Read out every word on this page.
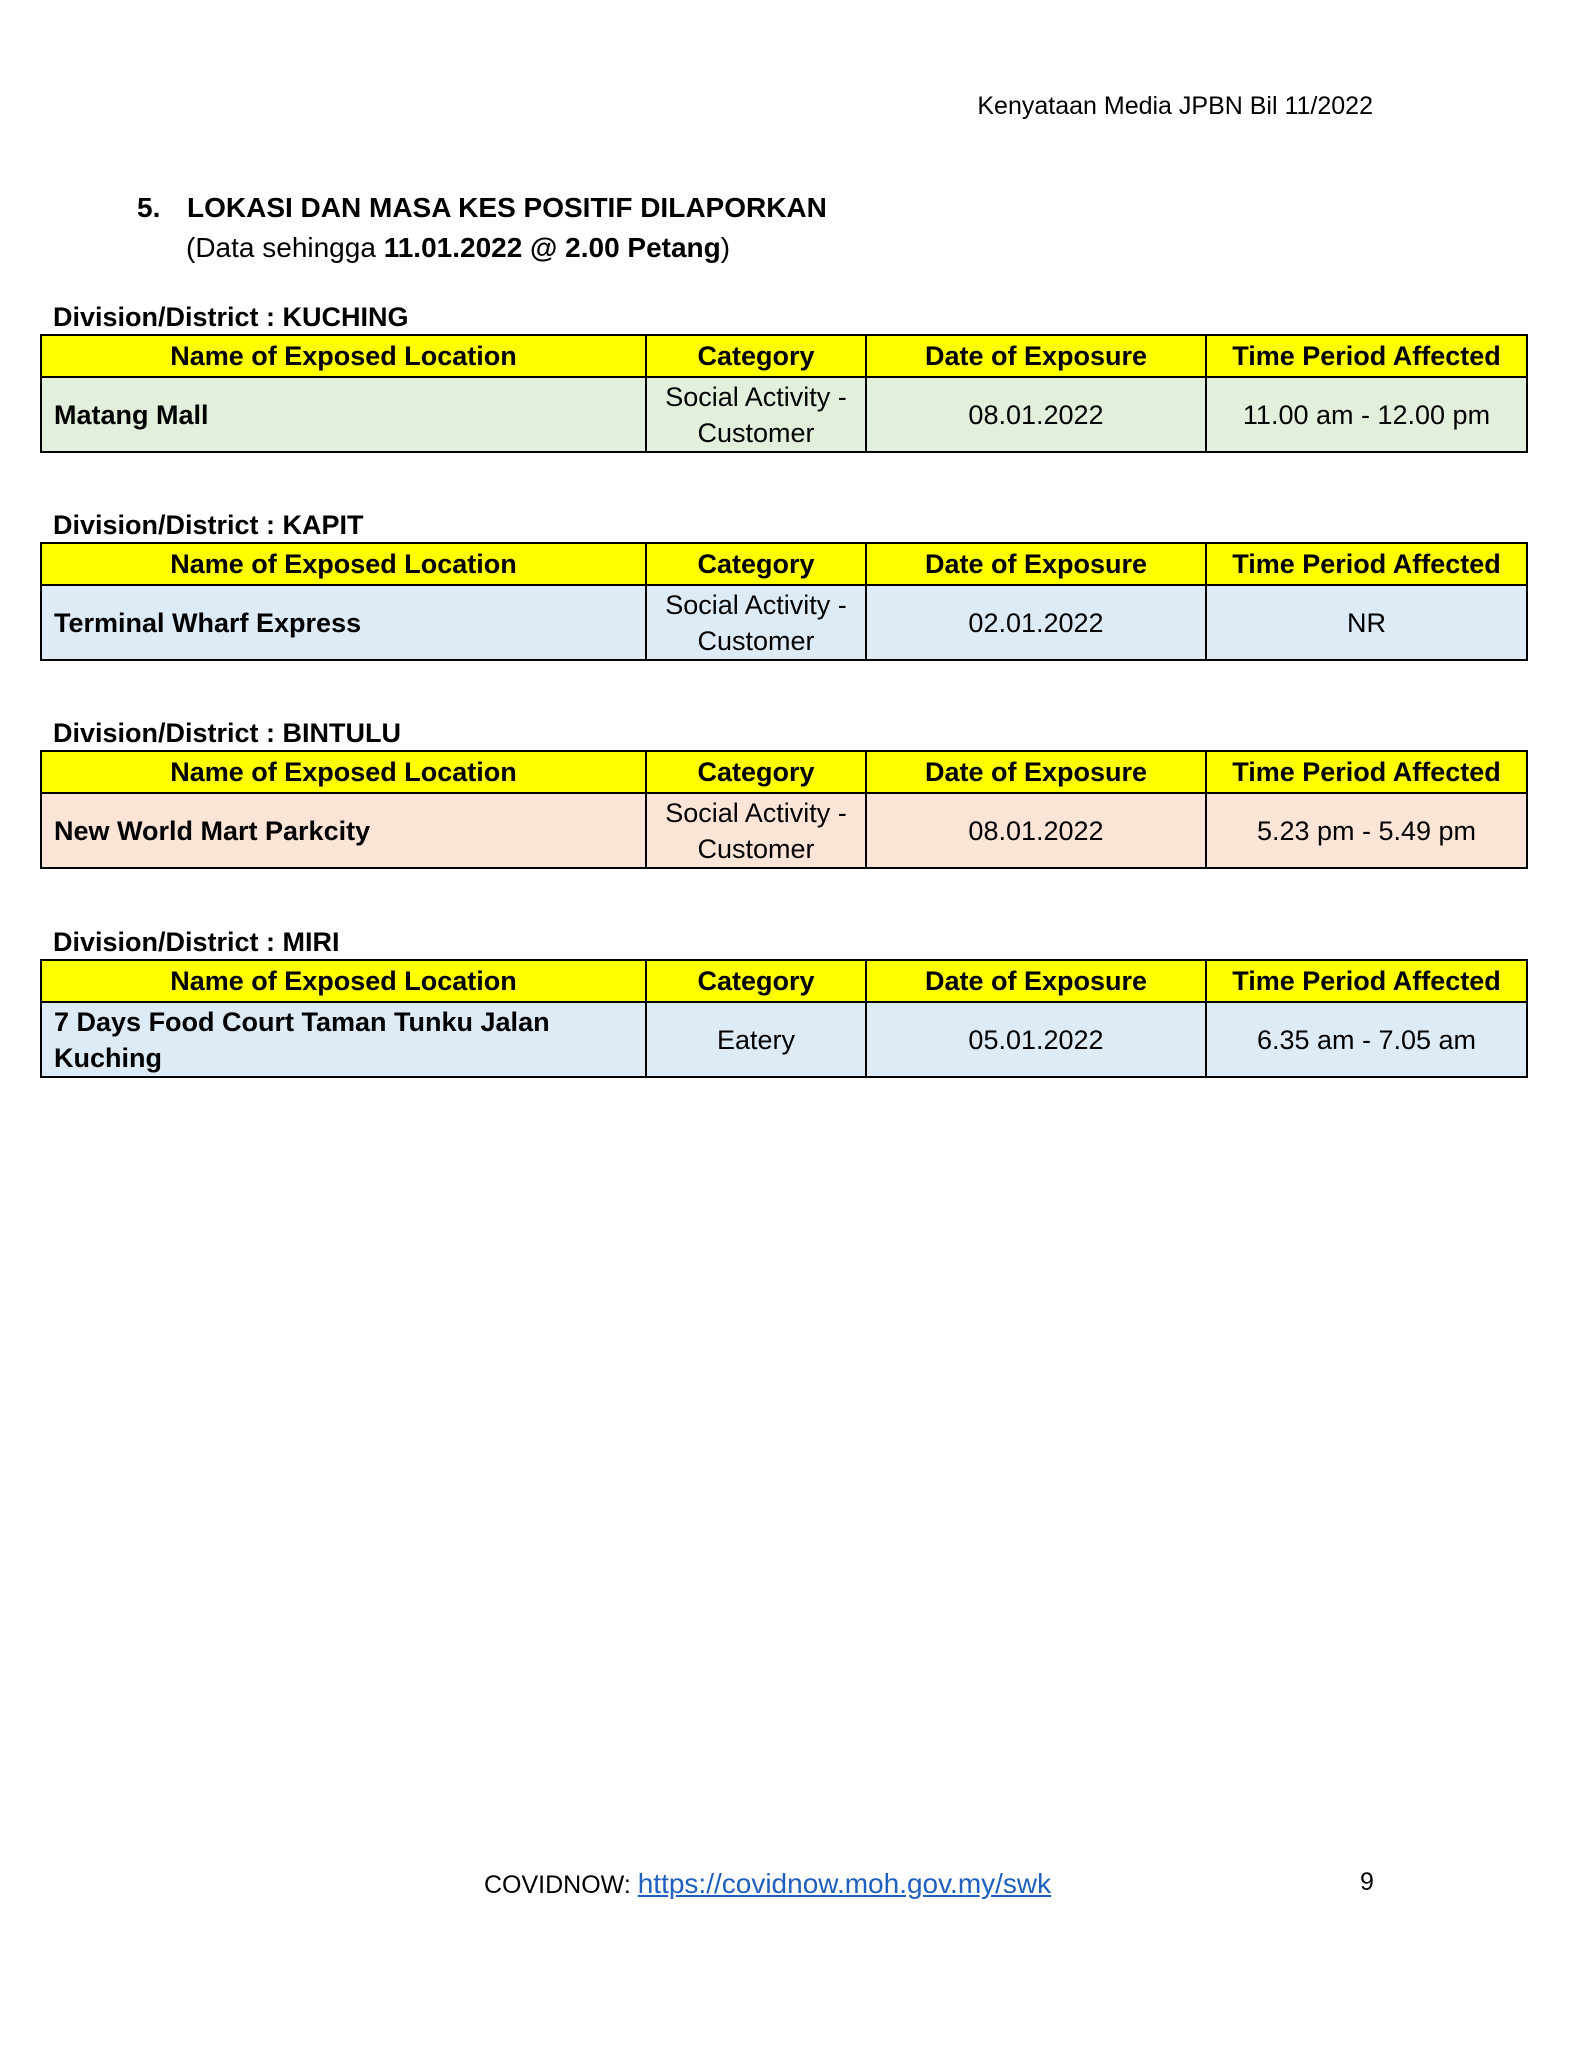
Kenyataan Media JPBN Bil 11/2022
5. LOKASI DAN MASA KES POSITIF DILAPORKAN
(Data sehingga 11.01.2022 @ 2.00 Petang)
Division/District : KUCHING
Name of Exposed Location	Category	Date of Exposure	Time Period Affected
Matang Mall	Social Activity - Customer	08.01.2022	11.00 am - 12.00 pm
Division/District : KAPIT
Name of Exposed Location	Category	Date of Exposure	Time Period Affected
Terminal Wharf Express	Social Activity - Customer	02.01.2022	NR
Division/District : BINTULU
Name of Exposed Location	Category	Date of Exposure	Time Period Affected
New World Mart Parkcity	Social Activity - Customer	08.01.2022	5.23 pm - 5.49 pm
Division/District : MIRI
Name of Exposed Location	Category	Date of Exposure	Time Period Affected
7 Days Food Court Taman Tunku Jalan Kuching	Eatery	05.01.2022	6.35 am - 7.05 am
COVIDNOW: https://covidnow.moh.gov.my/swk	9
